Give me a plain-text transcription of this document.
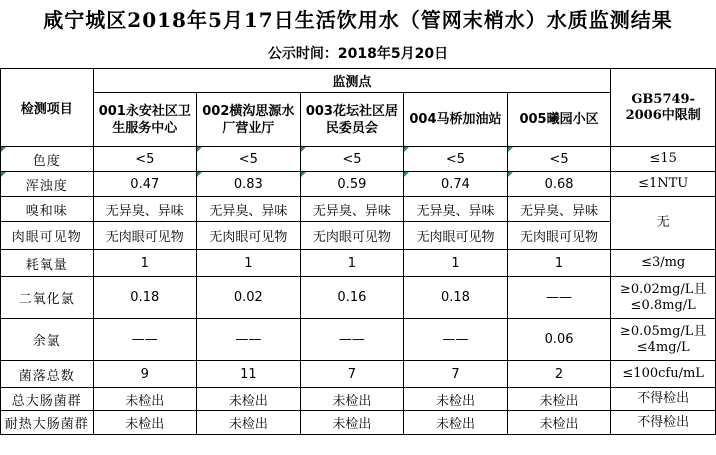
咸宁城区2018年5月17日生活饮用水（管网末梢水）水质监测结果
公示时间：2018年5月20日
检测项目	监测点					GB5749-2006中限制
	001永安社区卫生服务中心	002横沟思源水厂营业厅	003花坛社区居民委员会	004马桥加油站	005曦园小区	
色度	<5	<5	<5	<5	<5	≤15
浑浊度	0.47	0.83	0.59	0.74	0.68	≤1NTU
嗅和味	无异臭、异味	无异臭、异味	无异臭、异味	无异臭、异味	无异臭、异味	无
肉眼可见物	无肉眼可见物	无肉眼可见物	无肉眼可见物	无肉眼可见物	无肉眼可见物	
耗氧量	1	1	1	1	1	≤3/mg
二氧化氯	0.18	0.02	0.16	0.18	——	≥0.02mg/L且≤0.8mg/L
余氯	——	——	——	——	0.06	≥0.05mg/L且≤4mg/L
菌落总数	9	11	7	7	2	≤100cfu/mL
总大肠菌群	未检出	未检出	未检出	未检出	未检出	不得检出
耐热大肠菌群	未检出	未检出	未检出	未检出	未检出	不得检出
